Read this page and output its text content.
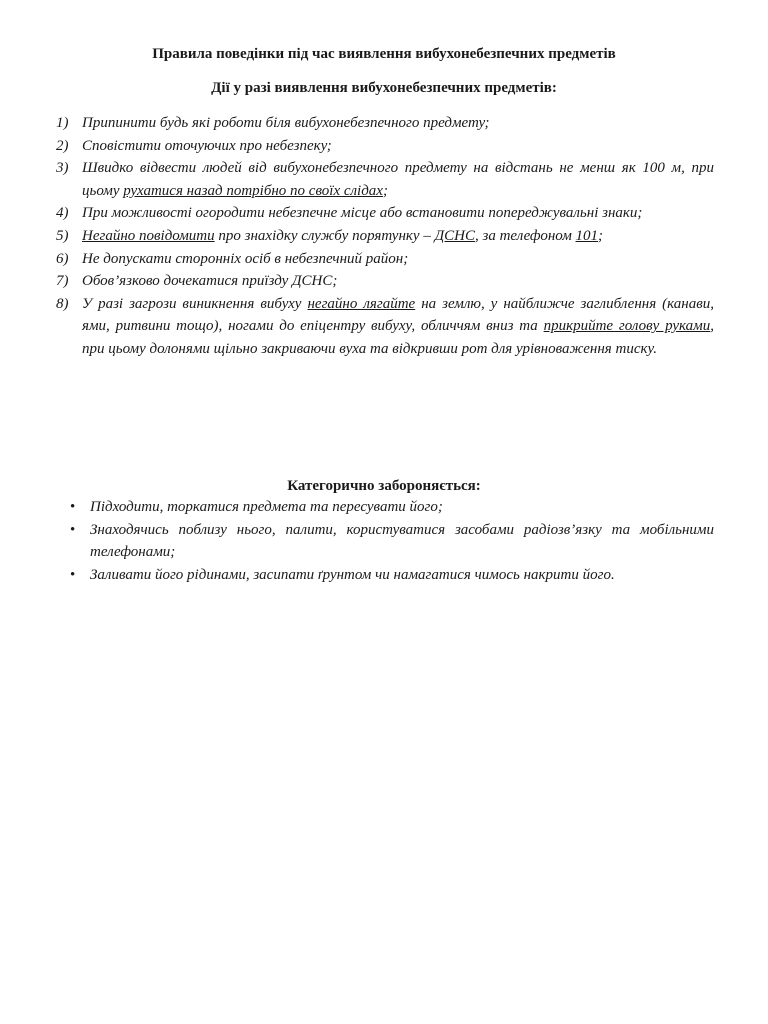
Правила поведінки під час виявлення вибухонебезпечних предметів
Дії у разі виявлення вибухонебезпечних предметів:
1) Припинити будь які роботи біля вибухонебезпечного предмету;
2) Сповістити оточуючих про небезпеку;
3) Швидко відвести людей від вибухонебезпечного предмету на відстань не менш як 100 м, при цьому рухатися назад потрібно по своїх слідах;
4) При можливості огородити небезпечне місце або встановити попереджувальні знаки;
5) Негайно повідомити про знахідку службу порятунку – ДСНС, за телефоном 101;
6) Не допускати сторонніх осіб в небезпечний район;
7) Обов’язково дочекатися приїзду ДСНС;
8) У разі загрози виникнення вибуху негайно лягайте на землю, у найближче заглиблення (канави, ями, ритвини тощо), ногами до епіцентру вибуху, обличчям вниз та прикрийте голову руками, при цьому долонями щільно закриваючи вуха та відкривши рот для урівноваження тиску.
Категорично забороняється:
• Підходити, торкатися предмета та пересувати його;
• Знаходячись поблизу нього, палити, користуватися засобами радіозв’язку та мобільними телефонами;
• Заливати його рідинами, засипати ґрунтом чи намагатися чимось накрити його.
